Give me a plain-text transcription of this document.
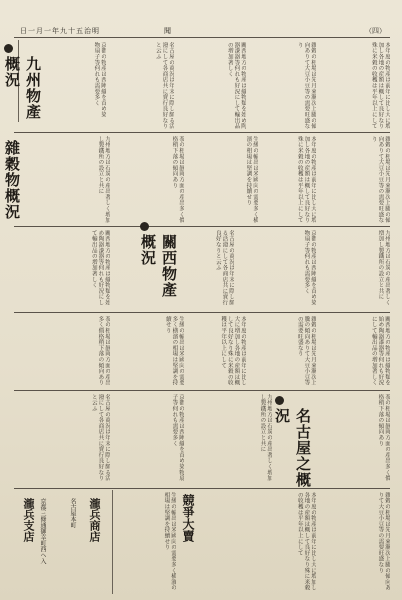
日一月一年九十五治明	聞	（四）
本年度の物產は前年に比し大に増加し各地の産額は概して良好なり殊に米穀の收穫は平年以上にして
雜穀の相場は先月來漸次上騰の傾向ありて大豆小豆等の需要旺盛なり
關西地方の物產は織物類を始め陶器漆器等何れも好況にして輸出品の増加著しく
名古屋の商況は年末に際し頗る活潑にして各商店共に賣行良好なりと云ふ
京都の物產は西陣織を首め染物扇子等何れも需要多く
九州物產概況
雜穀物概況	九州地方は石炭の産出著しく増加し製鐵所の設立と共に	茶の相場は靜岡方面の産出多く價格稍下落の傾向あり	生絲の輸出は米國向の需要多く横濱の相場は堅調を持續せり	本年度の物產は前年に比し大に増加し各地の産額は概して良好なり殊に米穀の收穫は平年以上にして	雜穀の相場は先月來漸次上騰の傾向ありて大豆小豆等の需要旺盛なり
關西地方の物產は織物類を始め陶器漆器等何れも好況にして輸出品の増加著しく	關西物產概況	名古屋の商況は年末に際し頗る活潑にして各商店共に賣行良好なりと云ふ	京都の物產は西陣織を首め染物扇子等何れも需要多く	九州地方は石炭の産出著しく増加し製鐵所の設立と共に
茶の相場は靜岡方面の産出多く價格稍下落の傾向あり	生絲の輸出は米國向の需要多く横濱の相場は堅調を持續せり	本年度の物產は前年に比し大に増加し各地の産額は概して良好なり殊に米穀の收穫は平年以上にして	雜穀の相場は先月來漸次上騰の傾向ありて大豆小豆等の需要旺盛なり	關西地方の物產は織物類を始め陶器漆器等何れも好況にして輸出品の増加著しく
名古屋の商況は年末に際し頗る活潑にして各商店共に賣行良好なりと云ふ	京都の物產は西陣織を首め染物扇子等何れも需要多く	九州地方は石炭の産出著しく増加し製鐵所の設立と共に	名古屋之概況	茶の相場は靜岡方面の産出多く價格稍下落の傾向あり
瀧兵商店
名古屋本町
京都三條通御幸町西へ入
瀧兵支店	生絲の輸出は米國向の需要多く横濱の相場は堅調を持續せり 競爭大賣	本年度の物產は前年に比し大に増加し各地の産額は概して良好なり殊に米穀の收穫は平年以上にして	雜穀の相場は先月來漸次上騰の傾向ありて大豆小豆等の需要旺盛なり
